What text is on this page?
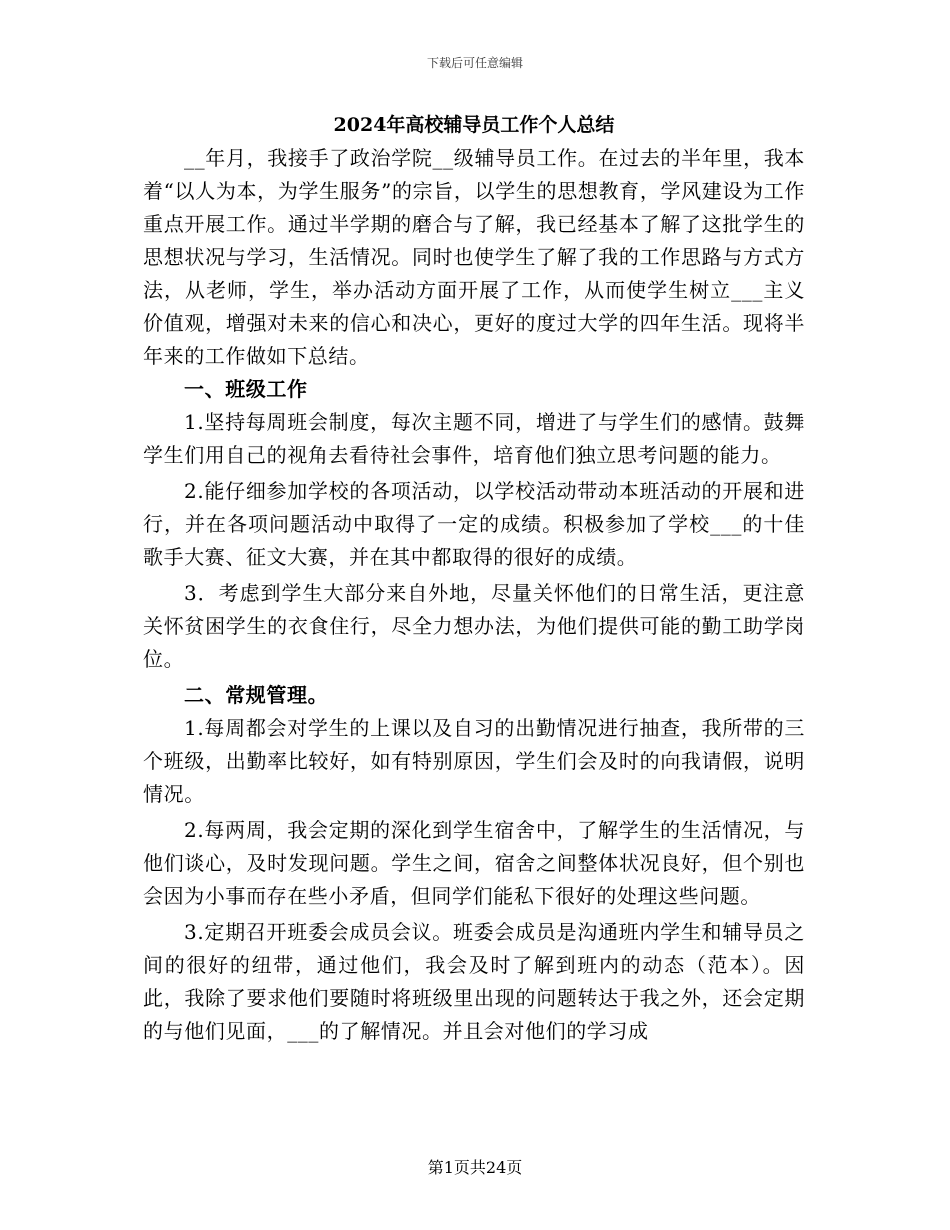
下载后可任意编辑
2024年高校辅导员工作个人总结

__年月，我接手了政治学院__级辅导员工作。在过去的半年里，我本着“以人为本，为学生服务”的宗旨，以学生的思想教育，学风建设为工作重点开展工作。通过半学期的磨合与了解，我已经基本了解了这批学生的思想状况与学习，生活情况。同时也使学生了解了我的工作思路与方式方法，从老师，学生，举办活动方面开展了工作，从而使学生树立___主义价值观，增强对未来的信心和决心，更好的度过大学的四年生活。现将半年来的工作做如下总结。

一、班级工作

1.坚持每周班会制度，每次主题不同，增进了与学生们的感情。鼓舞学生们用自己的视角去看待社会事件，培育他们独立思考问题的能力。

2.能仔细参加学校的各项活动，以学校活动带动本班活动的开展和进行，并在各项问题活动中取得了一定的成绩。积极参加了学校___的十佳歌手大赛、征文大赛，并在其中都取得的很好的成绩。

3．考虑到学生大部分来自外地，尽量关怀他们的日常生活，更注意关怀贫困学生的衣食住行，尽全力想办法，为他们提供可能的勤工助学岗位。

二、常规管理。

1.每周都会对学生的上课以及自习的出勤情况进行抽查，我所带的三个班级，出勤率比较好，如有特别原因，学生们会及时的向我请假，说明情况。

2.每两周，我会定期的深化到学生宿舍中，了解学生的生活情况，与他们谈心，及时发现问题。学生之间，宿舍之间整体状况良好，但个别也会因为小事而存在些小矛盾，但同学们能私下很好的处理这些问题。

3.定期召开班委会成员会议。班委会成员是沟通班内学生和辅导员之间的很好的纽带，通过他们，我会及时了解到班内的动态（范本）。因此，我除了要求他们要随时将班级里出现的问题转达于我之外，还会定期的与他们见面，___的了解情况。并且会对他们的学习成

第1页共24页
